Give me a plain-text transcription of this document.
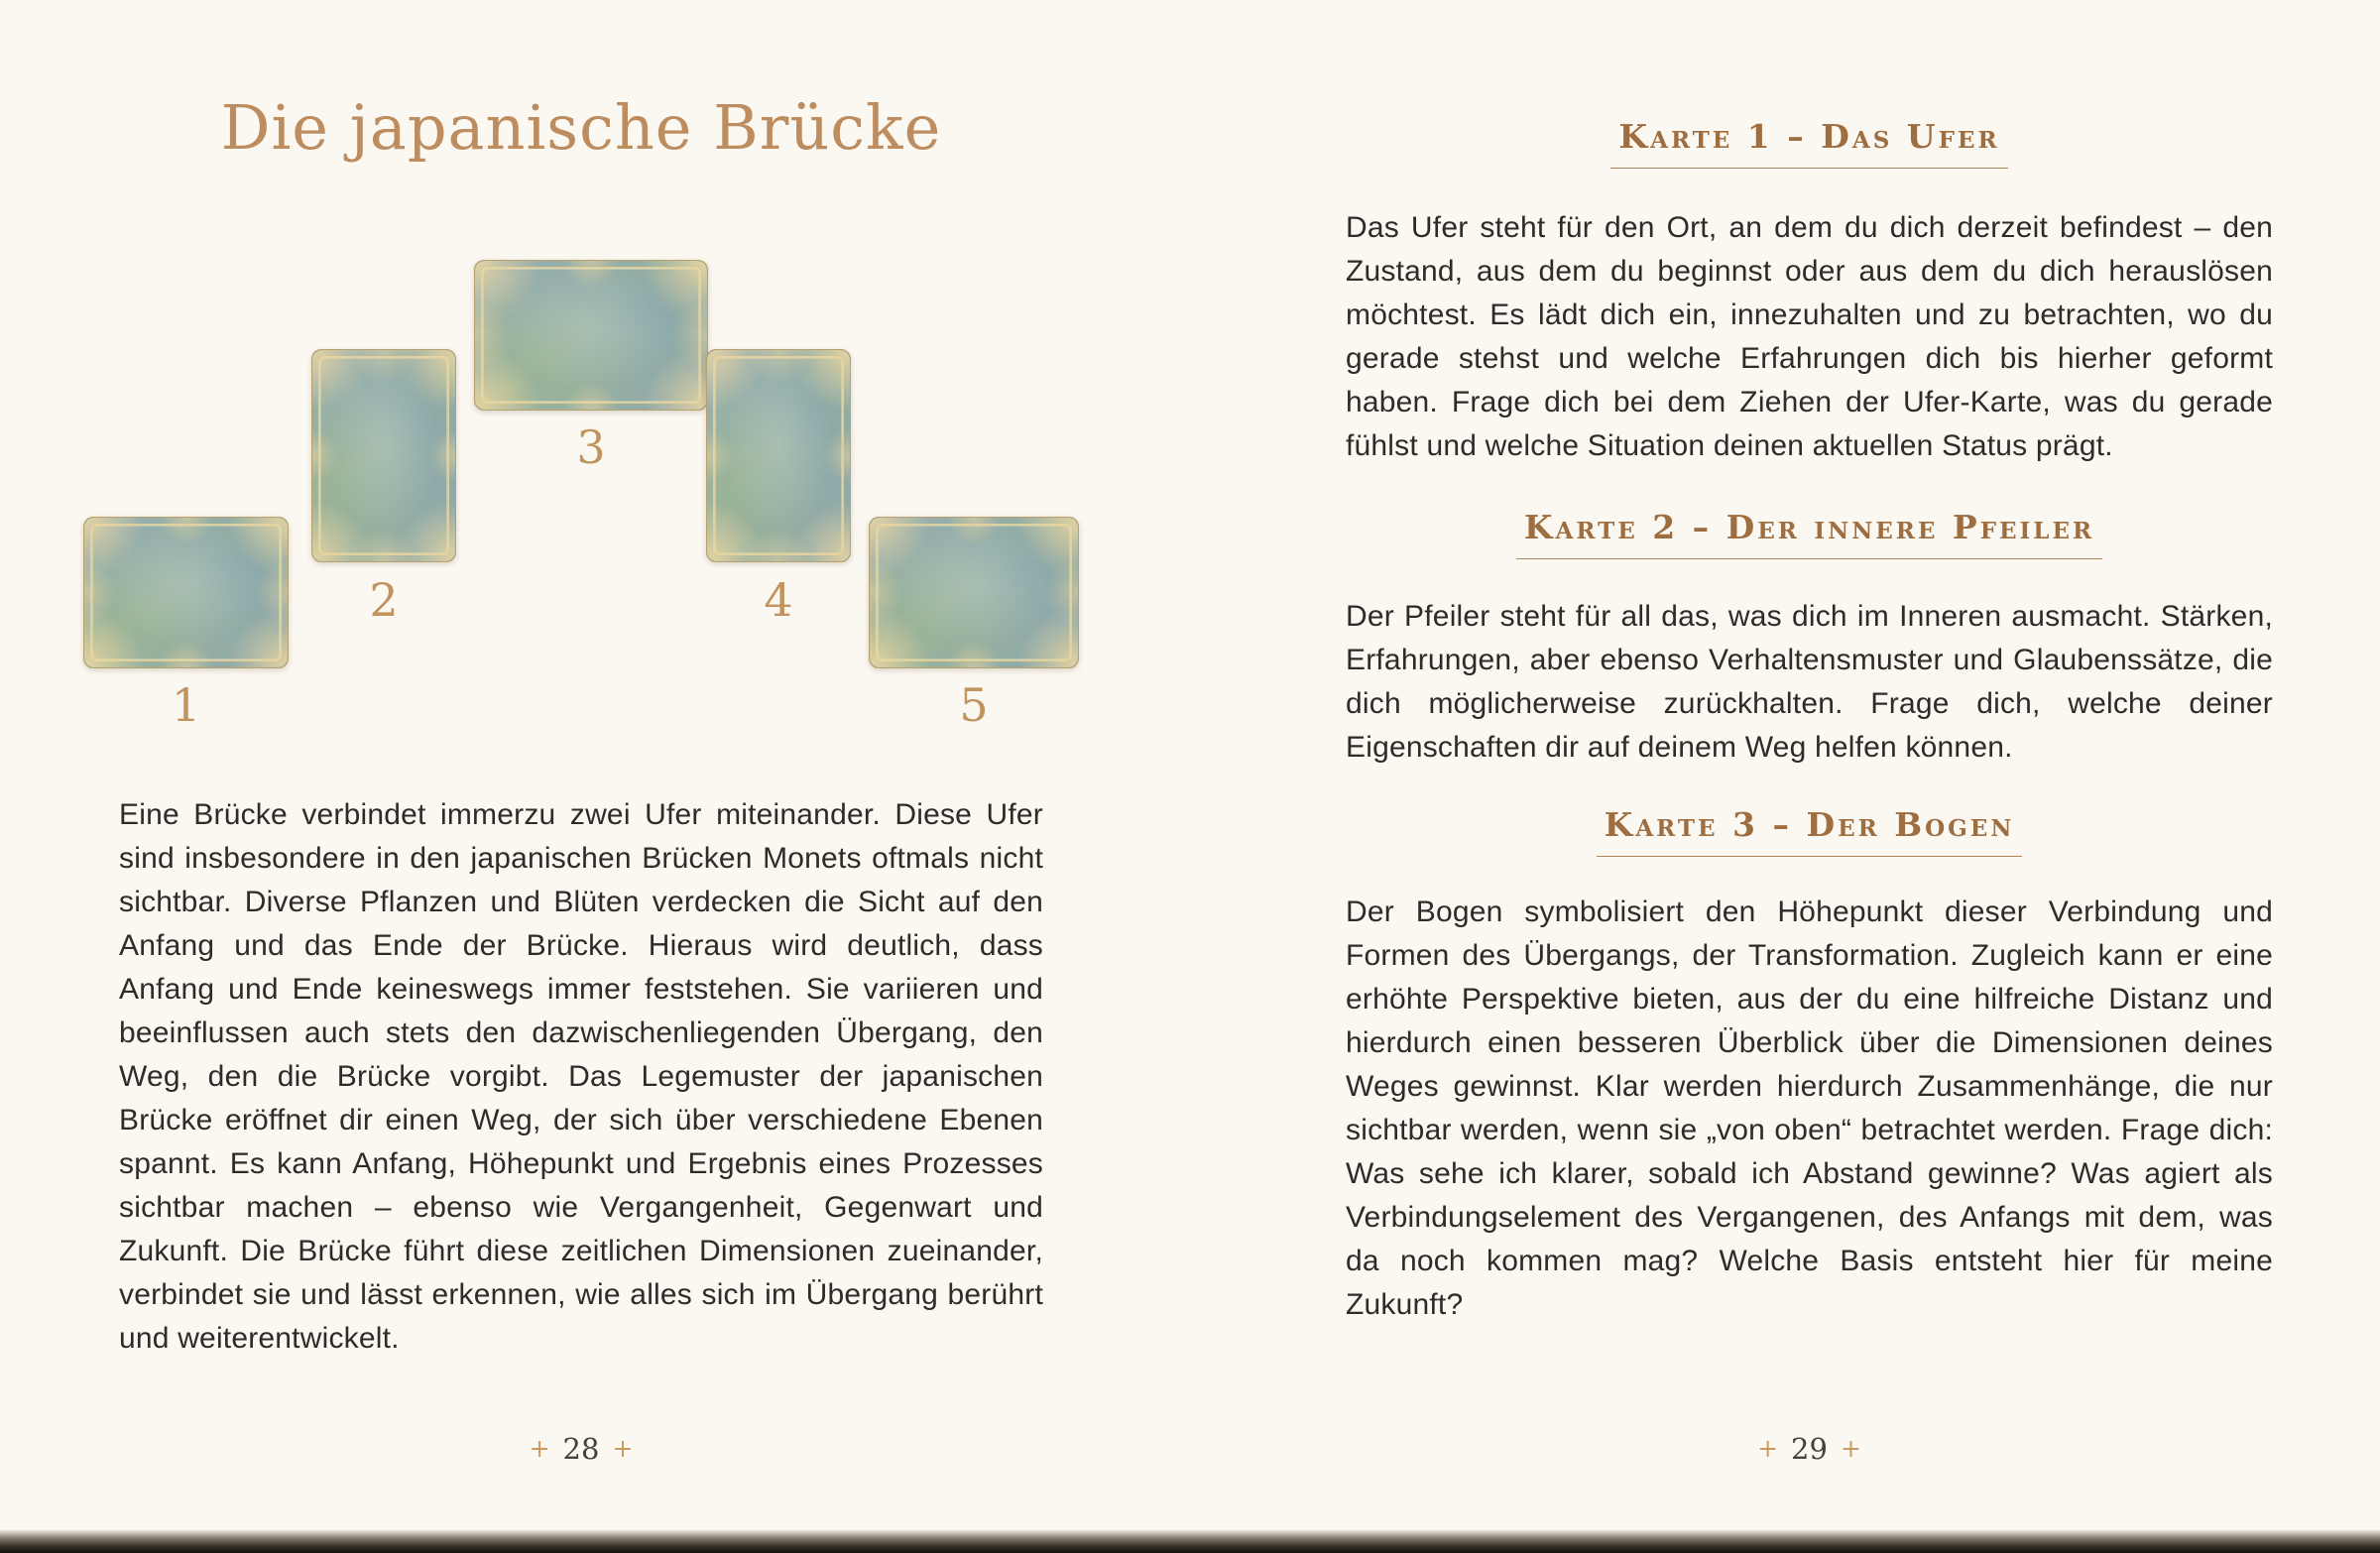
Die japanische Brücke
1
2
3
4
5

Eine Brücke verbindet immerzu zwei Ufer miteinander. Diese Ufer sind insbesondere in den japanischen Brücken Monets oftmals nicht sichtbar. Diverse Pflanzen und Blüten verdecken die Sicht auf den Anfang und das Ende der Brücke. Hieraus wird deutlich, dass Anfang und Ende keineswegs immer feststehen. Sie variieren und beeinflussen auch stets den dazwischenliegenden Übergang, den Weg, den die Brücke vorgibt. Das Legemuster der japanischen Brücke eröffnet dir einen Weg, der sich über verschiedene Ebenen spannt. Es kann Anfang, Höhepunkt und Ergebnis eines Prozesses sichtbar machen – ebenso wie Vergangenheit, Gegenwart und Zukunft. Die Brücke führt diese zeitlichen Dimensionen zueinander, verbindet sie und lässt erkennen, wie alles sich im Übergang berührt und weiterentwickelt.

+ 28 +
Karte 1 – Das Ufer

Das Ufer steht für den Ort, an dem du dich derzeit befindest – den Zustand, aus dem du beginnst oder aus dem du dich herauslösen möchtest. Es lädt dich ein, innezuhalten und zu betrachten, wo du gerade stehst und welche Erfahrungen dich bis hierher geformt haben. Frage dich bei dem Ziehen der Ufer-Karte, was du gerade fühlst und welche Situation deinen aktuellen Status prägt.

Karte 2 – Der innere Pfeiler

Der Pfeiler steht für all das, was dich im Inneren ausmacht. Stärken, Erfahrungen, aber ebenso Verhaltensmuster und Glaubenssätze, die dich möglicherweise zurückhalten. Frage dich, welche deiner Eigenschaften dir auf deinem Weg helfen können.

Karte 3 – Der Bogen

Der Bogen symbolisiert den Höhepunkt dieser Verbindung und Formen des Übergangs, der Transformation. Zugleich kann er eine erhöhte Perspektive bieten, aus der du eine hilfreiche Distanz und hierdurch einen besseren Überblick über die Dimensionen deines Weges gewinnst. Klar werden hierdurch Zusammenhänge, die nur sichtbar werden, wenn sie „von oben“ betrachtet werden. Frage dich: Was sehe ich klarer, sobald ich Abstand gewinne? Was agiert als Verbindungselement des Vergangenen, des Anfangs mit dem, was da noch kommen mag? Welche Basis entsteht hier für meine Zukunft?

+ 29 +
